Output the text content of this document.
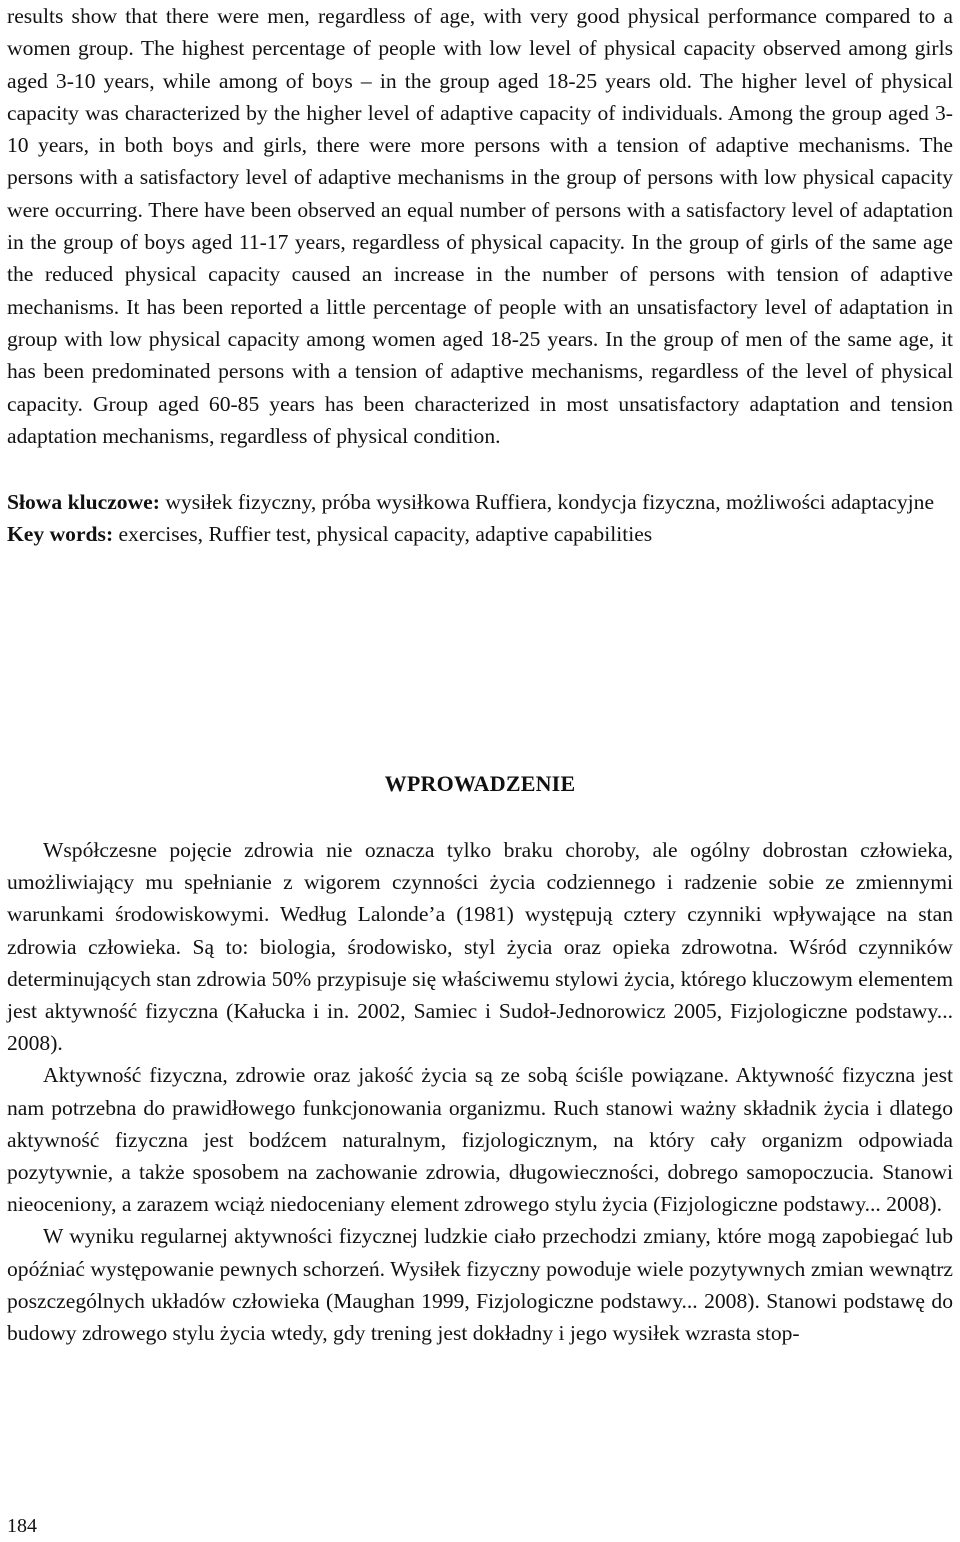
results show that there were men, regardless of age, with very good physical performance compared to a women group. The highest percentage of people with low level of physical capacity observed among girls aged 3-10 years, while among of boys – in the group aged 18-25 years old. The higher level of physical capacity was characterized by the higher level of adaptive capacity of individuals. Among the group aged 3-10 years, in both boys and girls, there were more persons with a tension of adaptive mechanisms. The persons with a satisfactory level of adaptive mechanisms in the group of persons with low physical capacity were occurring. There have been observed an equal number of persons with a satisfactory level of adaptation in the group of boys aged 11-17 years, regardless of physical capacity. In the group of girls of the same age the reduced physical capacity caused an increase in the number of persons with tension of adaptive mechanisms. It has been reported a little percentage of people with an unsatisfactory level of adaptation in group with low physical capacity among women aged 18-25 years. In the group of men of the same age, it has been predominated persons with a tension of adaptive mechanisms, regardless of the level of physical capacity. Group aged 60-85 years has been characterized in most unsatisfactory adaptation and tension adaptation mechanisms, regardless of physical condition.

Słowa kluczowe: wysiłek fizyczny, próba wysiłkowa Ruffiera, kondycja fizyczna, możliwości adaptacyjne

Key words: exercises, Ruffier test, physical capacity, adaptive capabilities

WPROWADZENIE

Współczesne pojęcie zdrowia nie oznacza tylko braku choroby, ale ogólny dobrostan człowieka, umożliwiający mu spełnianie z wigorem czynności życia codziennego i radzenie sobie ze zmiennymi warunkami środowiskowymi. Według Lalonde’a (1981) występują cztery czynniki wpływające na stan zdrowia człowieka. Są to: biologia, środowisko, styl życia oraz opieka zdrowotna. Wśród czynników determinujących stan zdrowia 50% przypisuje się właściwemu stylowi życia, którego kluczowym elementem jest aktywność fizyczna (Kałucka i in. 2002, Samiec i Sudoł-Jednorowicz 2005, Fizjologiczne podstawy... 2008).

Aktywność fizyczna, zdrowie oraz jakość życia są ze sobą ściśle powiązane. Aktywność fizyczna jest nam potrzebna do prawidłowego funkcjonowania organizmu. Ruch stanowi ważny składnik życia i dlatego aktywność fizyczna jest bodźcem naturalnym, fizjologicznym, na który cały organizm odpowiada pozytywnie, a także sposobem na zachowanie zdrowia, długowieczności, dobrego samopoczucia. Stanowi nieoceniony, a zarazem wciąż niedoceniany element zdrowego stylu życia (Fizjologiczne podstawy... 2008).

W wyniku regularnej aktywności fizycznej ludzkie ciało przechodzi zmiany, które mogą zapobiegać lub opóźniać występowanie pewnych schorzeń. Wysiłek fizyczny powoduje wiele pozytywnych zmian wewnątrz poszczególnych układów człowieka (Maughan 1999, Fizjologiczne podstawy... 2008). Stanowi podstawę do budowy zdrowego stylu życia wtedy, gdy trening jest dokładny i jego wysiłek wzrasta stop-

184
